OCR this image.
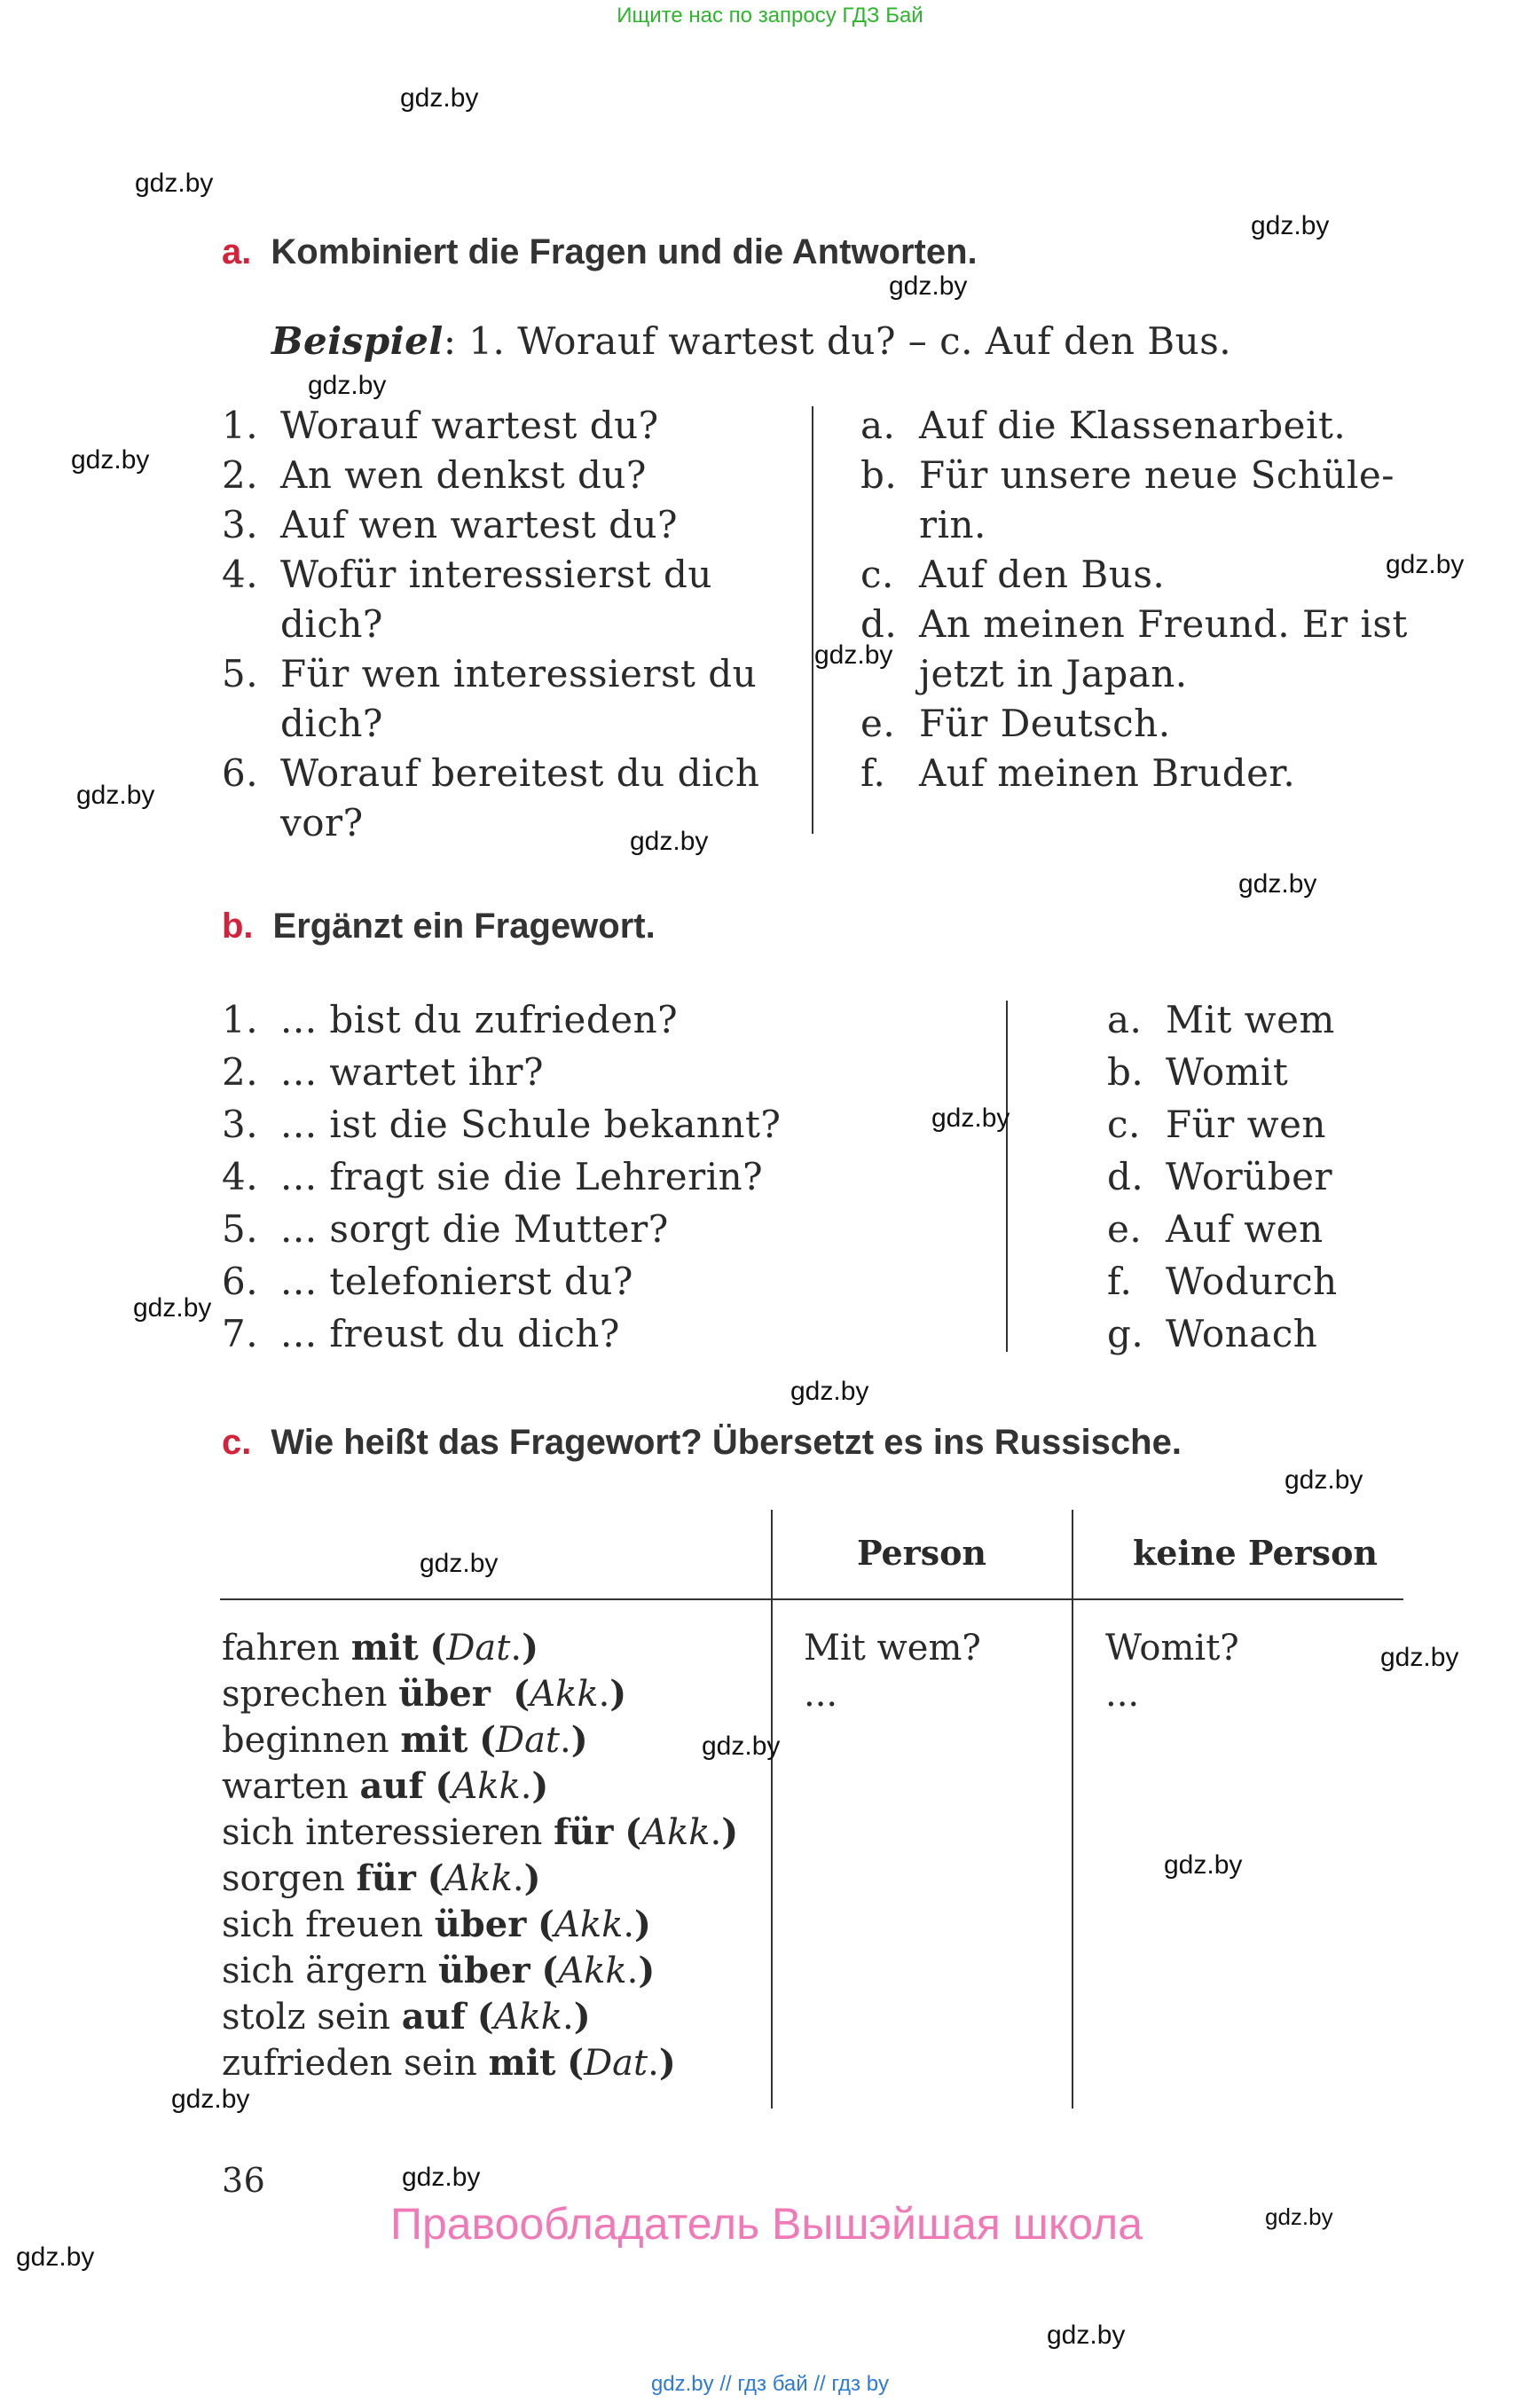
Ищите нас по запросу ГДЗ Бай
a. Kombiniert die Fragen und die Antworten.
Beispiel: 1. Worauf wartest du? – c. Auf den Bus.
1. Worauf wartest du?
2. An wen denkst du?
3. Auf wen wartest du?
4. Wofür interessierst du dich?
5. Für wen interessierst du dich?
6. Worauf bereitest du dich vor?
a. Auf die Klassenarbeit.
b. Für unsere neue Schüle-rin.
c. Auf den Bus.
d. An meinen Freund. Er ist jetzt in Japan.
e. Für Deutsch.
f. Auf meinen Bruder.
b. Ergänzt ein Fragewort.
1. ... bist du zufrieden?
2. ... wartet ihr?
3. ... ist die Schule bekannt?
4. ... fragt sie die Lehrerin?
5. ... sorgt die Mutter?
6. ... telefonierst du?
7. ... freust du dich?
a. Mit wem
b. Womit
c. Für wen
d. Worüber
e. Auf wen
f. Wodurch
g. Wonach
c. Wie heißt das Fragewort? Übersetzt es ins Russische.
Person	keine Person
fahren mit (Dat.)
sprechen über (Akk.)
beginnen mit (Dat.)
warten auf (Akk.)
sich interessieren für (Akk.)
sorgen für (Akk.)
sich freuen über (Akk.)
sich ärgern über (Akk.)
stolz sein auf (Akk.)
zufrieden sein mit (Dat.)
Mit wem?
...
Womit?
...
36
Правообладатель Вышэйшая школа
gdz.by
gdz.by
gdz.by
gdz.by
gdz.by
gdz.by
gdz.by
gdz.by
gdz.by
gdz.by
gdz.by
gdz.by
gdz.by
gdz.by
gdz.by
gdz.by
gdz.by
gdz.by
gdz.by
gdz.by
gdz.by
gdz.by
gdz.by
gdz.by
gdz.by // гдз бай // гдз by
